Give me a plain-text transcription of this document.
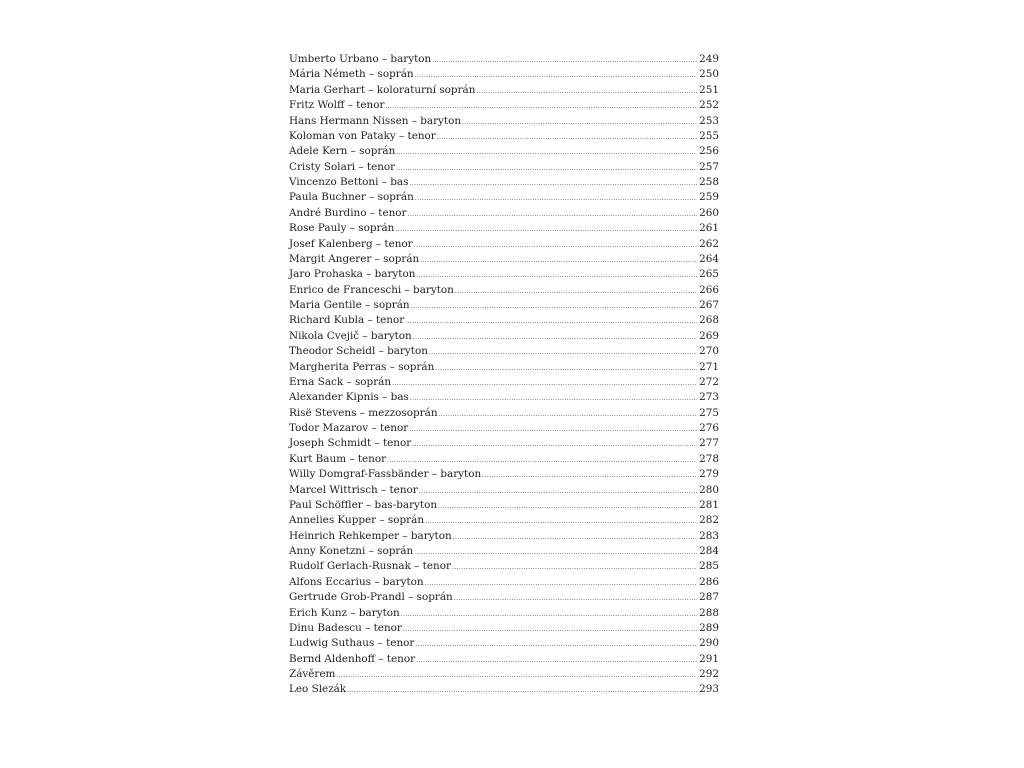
Umberto Urbano – baryton .....	249
Mária Németh – soprán .....	250
Maria Gerhart – koloraturní soprán .....	251
Fritz Wolff – tenor .....	252
Hans Hermann Nissen – baryton .....	253
Koloman von Pataky – tenor .....	255
Adele Kern – soprán .....	256
Cristy Solari – tenor .....	257
Vincenzo Bettoni – bas .....	258
Paula Buchner – soprán .....	259
André Burdino – tenor .....	260
Rose Pauly – soprán .....	261
Josef Kalenberg – tenor .....	262
Margit Angerer – soprán .....	264
Jaro Prohaska – baryton .....	265
Enrico de Franceschi – baryton .....	266
Maria Gentile – soprán .....	267
Richard Kubla – tenor .....	268
Nikola Cvejič – baryton .....	269
Theodor Scheidl – baryton .....	270
Margherita Perras – soprán .....	271
Erna Sack – soprán .....	272
Alexander Kipnis – bas .....	273
Risë Stevens – mezzosoprán .....	275
Todor Mazarov – tenor .....	276
Joseph Schmidt – tenor .....	277
Kurt Baum – tenor .....	278
Willy Domgraf-Fassbänder – baryton .....	279
Marcel Wittrisch – tenor .....	280
Paul Schöffler – bas-baryton .....	281
Annelies Kupper – soprán .....	282
Heinrich Rehkemper – baryton .....	283
Anny Konetzni – soprán .....	284
Rudolf Gerlach-Rusnak – tenor .....	285
Alfons Eccarius – baryton .....	286
Gertrude Grob-Prandl – soprán .....	287
Erich Kunz – baryton .....	288
Dinu Badescu – tenor .....	289
Ludwig Suthaus – tenor .....	290
Bernd Aldenhoff – tenor .....	291
Závěrem .....	292
Leo Slezák .....	293
